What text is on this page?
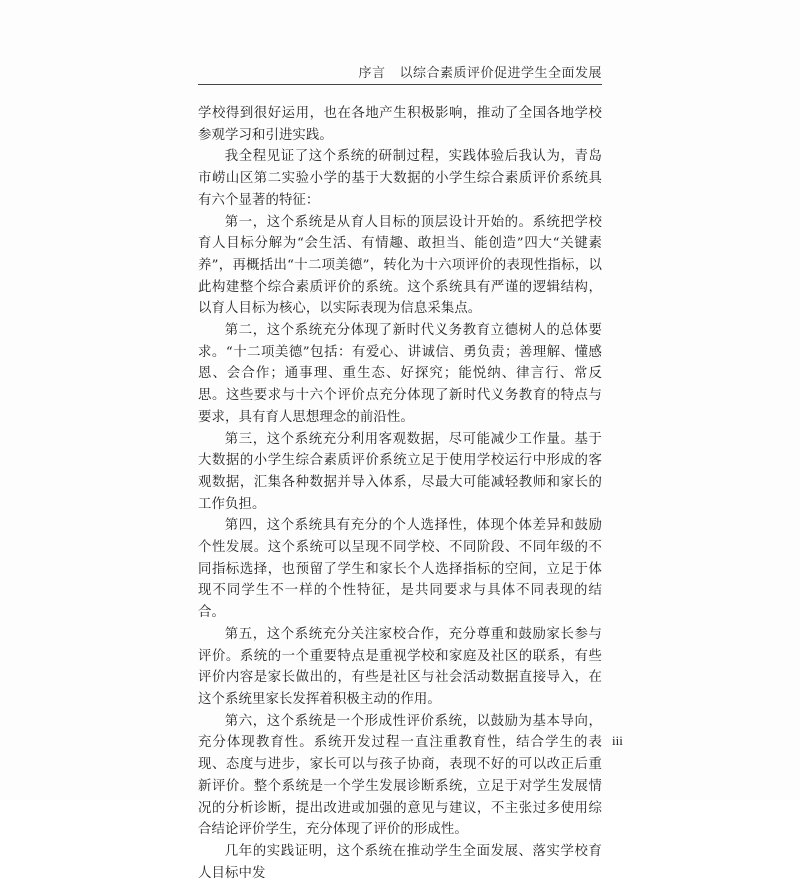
序言 以综合素质评价促进学生全面发展

学校得到很好运用，也在各地产生积极影响，推动了全国各地学校参观学习和引进实践。

我全程见证了这个系统的研制过程，实践体验后我认为，青岛市崂山区第二实验小学的基于大数据的小学生综合素质评价系统具有六个显著的特征：

第一，这个系统是从育人目标的顶层设计开始的。系统把学校育人目标分解为“会生活、有情趣、敢担当、能创造”四大“关键素养”，再概括出“十二项美德”，转化为十六项评价的表现性指标，以此构建整个综合素质评价的系统。这个系统具有严谨的逻辑结构，以育人目标为核心，以实际表现为信息采集点。

第二，这个系统充分体现了新时代义务教育立德树人的总体要求。“十二项美德”包括：有爱心、讲诚信、勇负责；善理解、懂感恩、会合作；通事理、重生态、好探究；能悦纳、律言行、常反思。这些要求与十六个评价点充分体现了新时代义务教育的特点与要求，具有育人思想理念的前沿性。

第三，这个系统充分利用客观数据，尽可能减少工作量。基于大数据的小学生综合素质评价系统立足于使用学校运行中形成的客观数据，汇集各种数据并导入体系，尽最大可能减轻教师和家长的工作负担。

第四，这个系统具有充分的个人选择性，体现个体差异和鼓励个性发展。这个系统可以呈现不同学校、不同阶段、不同年级的不同指标选择，也预留了学生和家长个人选择指标的空间，立足于体现不同学生不一样的个性特征，是共同要求与具体不同表现的结合。

第五，这个系统充分关注家校合作，充分尊重和鼓励家长参与评价。系统的一个重要特点是重视学校和家庭及社区的联系，有些评价内容是家长做出的，有些是社区与社会活动数据直接导入，在这个系统里家长发挥着积极主动的作用。

第六，这个系统是一个形成性评价系统，以鼓励为基本导向，充分体现教育性。系统开发过程一直注重教育性，结合学生的表现、态度与进步，家长可以与孩子协商，表现不好的可以改正后重新评价。整个系统是一个学生发展诊断系统，立足于对学生发展情况的分析诊断，提出改进或加强的意见与建议，不主张过多使用综合结论评价学生，充分体现了评价的形成性。

几年的实践证明，这个系统在推动学生全面发展、落实学校育人目标中发

iii
